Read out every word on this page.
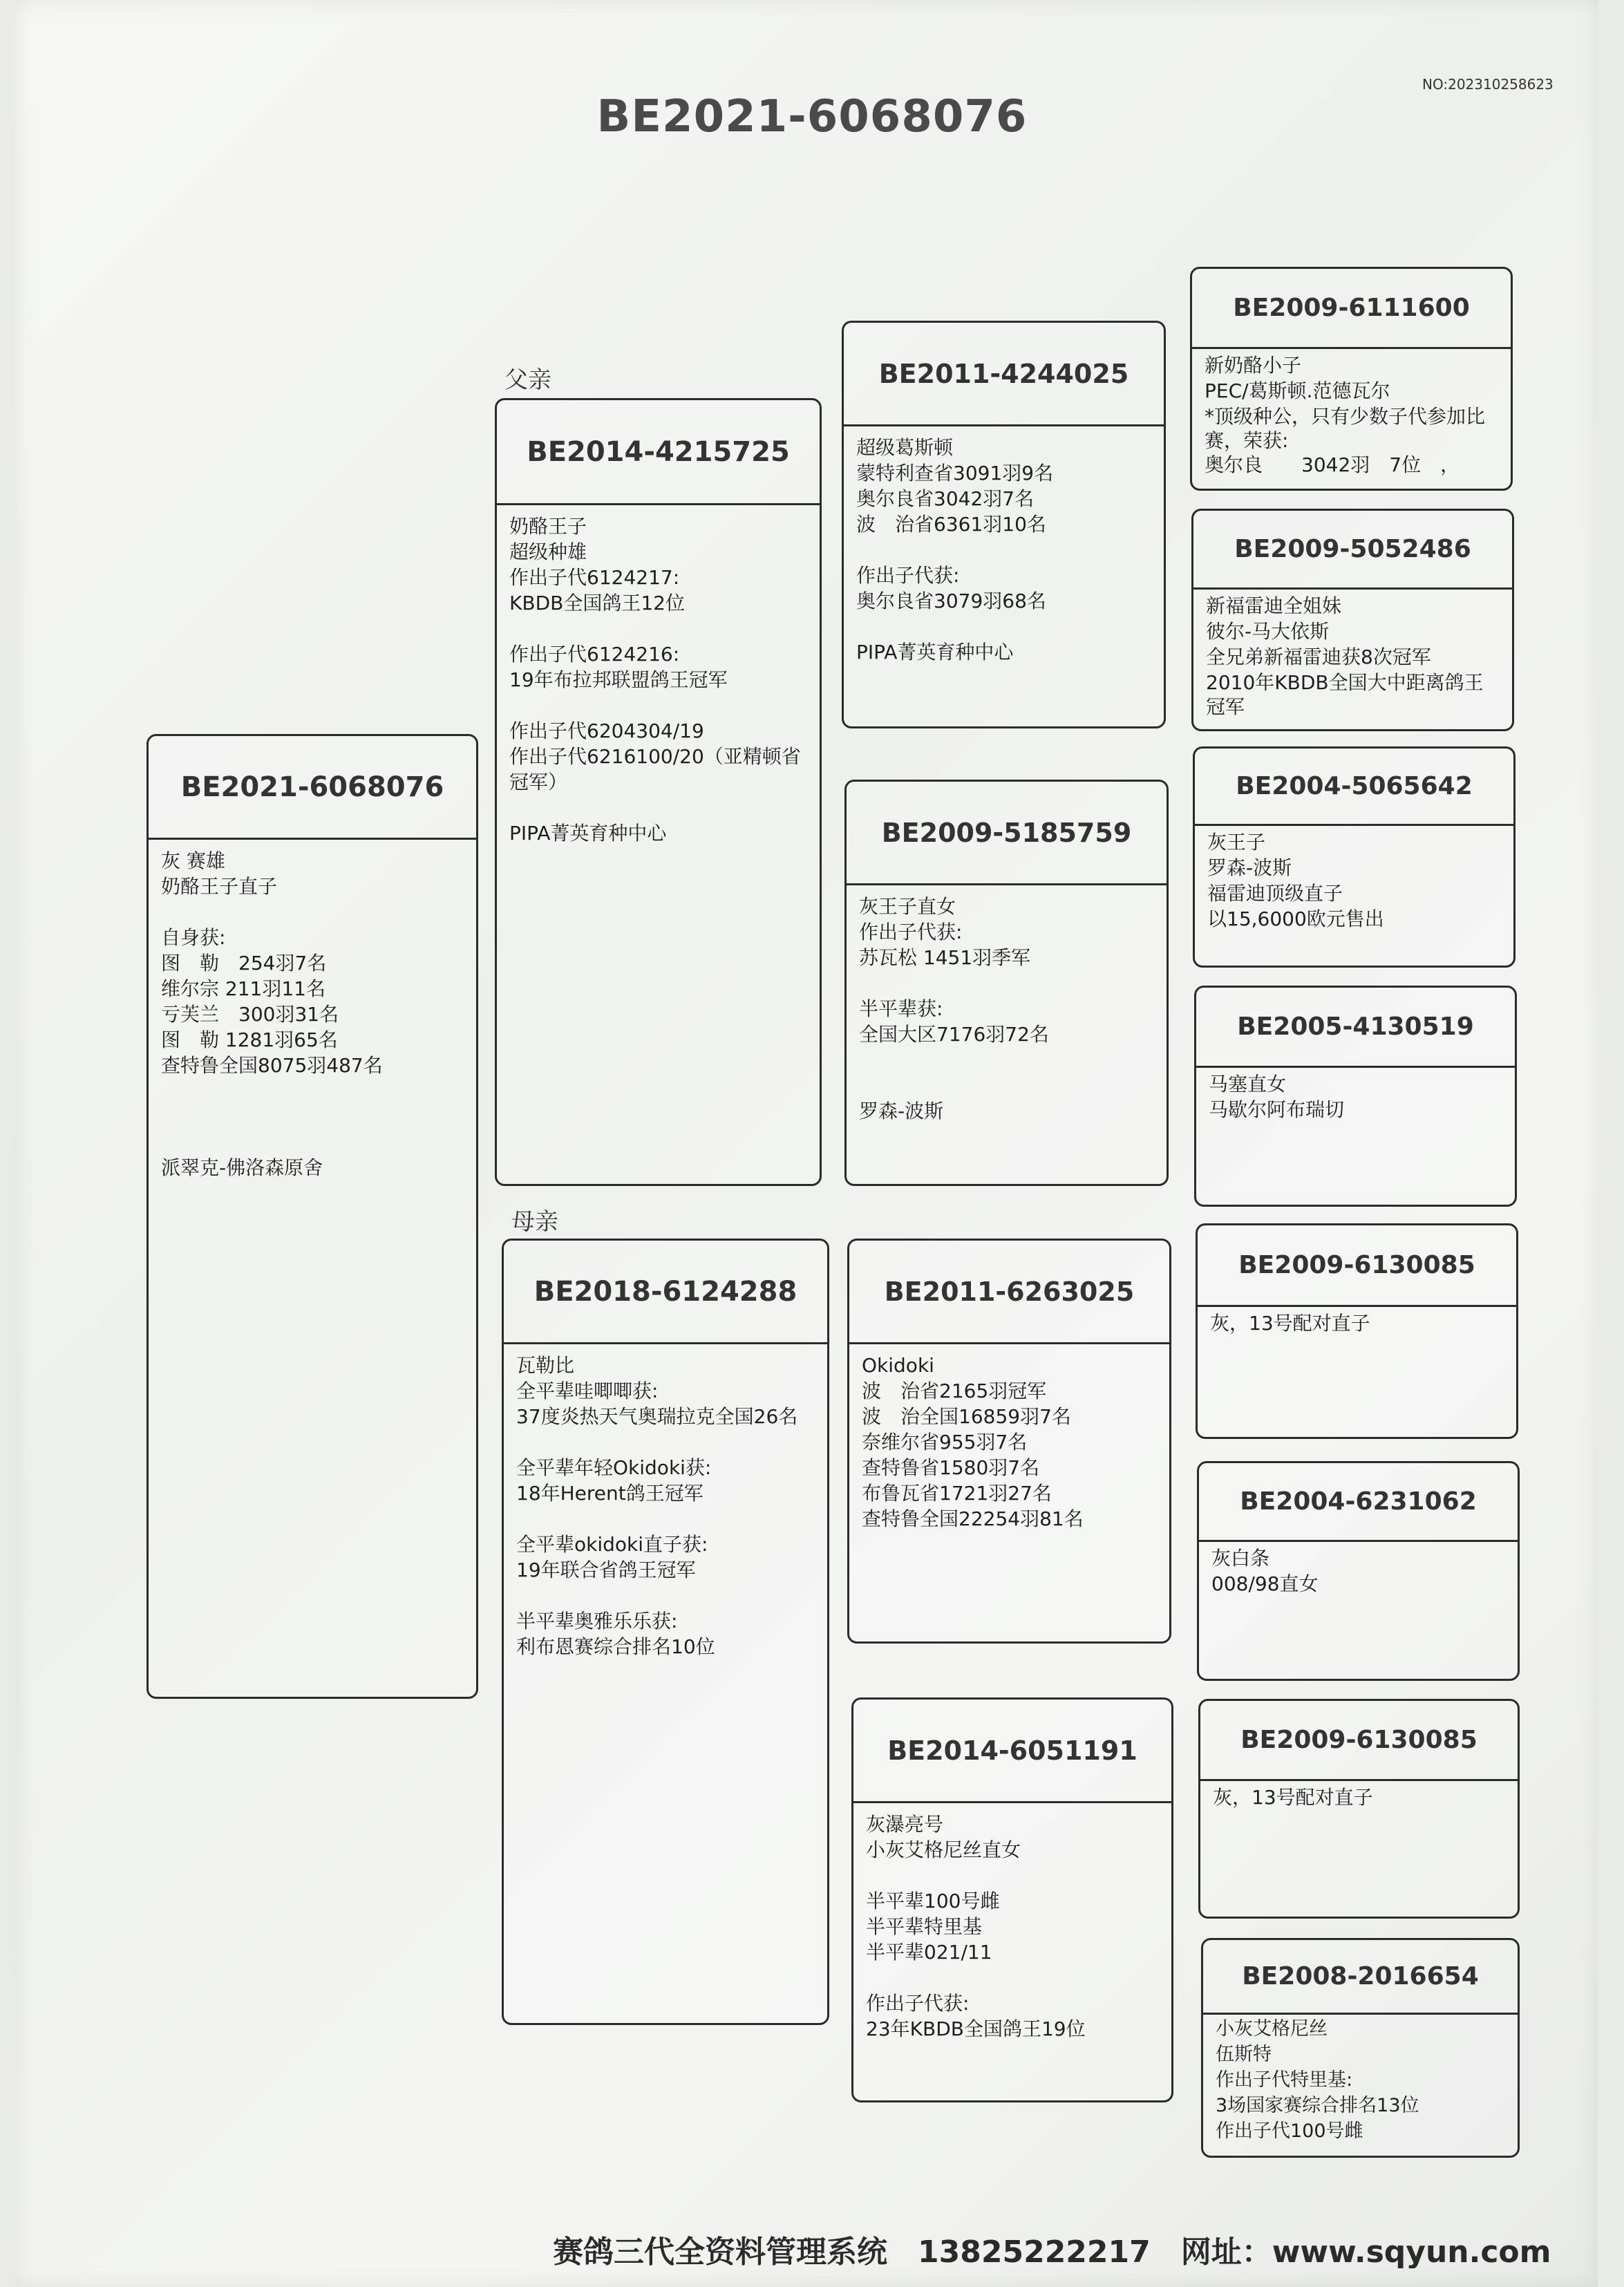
NO:202310258623
BE2021-6068076
父亲
母亲
BE2021-6068076
灰 赛雄
奶酪王子直子
自身获:
图　勒　254羽7名
维尔宗 211羽11名
亏芙兰　300羽31名
图　勒 1281羽65名
查特鲁全国8075羽487名
派翠克-佛洛森原舍
BE2014-4215725
奶酪王子
超级种雄
作出子代6124217:
KBDB全国鸽王12位
作出子代6124216:
19年布拉邦联盟鸽王冠军
作出子代6204304/19
作出子代6216100/20（亚精顿省冠军）
PIPA菁英育种中心
BE2018-6124288
瓦勒比
全平辈哇唧唧获:
37度炎热天气奥瑞拉克全国26名
全平辈年轻Okidoki获:
18年Herent鸽王冠军
全平辈okidoki直子获:
19年联合省鸽王冠军
半平辈奥雅乐乐获:
利布恩赛综合排名10位
BE2011-4244025
超级葛斯顿
蒙特利查省3091羽9名
奥尔良省3042羽7名
波　治省6361羽10名
作出子代获:
奥尔良省3079羽68名
PIPA菁英育种中心
BE2009-5185759
灰王子直女
作出子代获:
苏瓦松 1451羽季军
半平辈获:
全国大区7176羽72名
罗森-波斯
BE2011-6263025
Okidoki
波　治省2165羽冠军
波　治全国16859羽7名
奈维尔省955羽7名
查特鲁省1580羽7名
布鲁瓦省1721羽27名
查特鲁全国22254羽81名
BE2014-6051191
灰瀑亮号
小灰艾格尼丝直女
半平辈100号雌
半平辈特里基
半平辈021/11
作出子代获:
23年KBDB全国鸽王19位
BE2009-6111600
新奶酪小子
PEC/葛斯顿.范德瓦尔
*顶级种公，只有少数子代参加比赛，荣获:
奥尔良　　3042羽　7位　，
BE2009-5052486
新福雷迪全姐妹
彼尔-马大依斯
全兄弟新福雷迪获8次冠军
2010年KBDB全国大中距离鸽王冠军
BE2004-5065642
灰王子
罗森-波斯
福雷迪顶级直子
以15,6000欧元售出
BE2005-4130519
马塞直女
马歇尔阿布瑞切
BE2009-6130085
灰，13号配对直子
BE2004-6231062
灰白条
008/98直女
BE2009-6130085
灰，13号配对直子
BE2008-2016654
小灰艾格尼丝
伍斯特
作出子代特里基:
3场国家赛综合排名13位
作出子代100号雌
赛鸽三代全资料管理系统　13825222217　网址：www.sqyun.com
